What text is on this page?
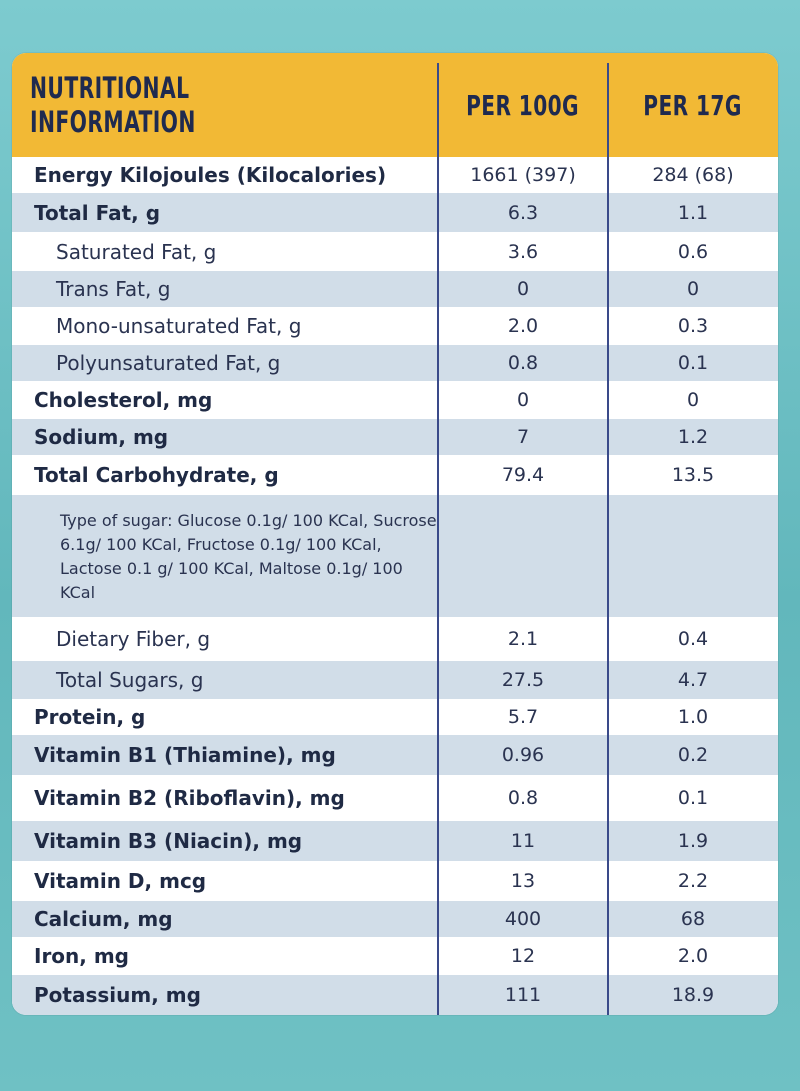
NUTRITIONAL INFORMATION	PER 100G PER 17G
Energy Kilojoules (Kilocalories)	1661 (397)	284 (68)
Total Fat, g	6.3	1.1
Saturated Fat, g	3.6	0.6
Trans Fat, g	0	0
Mono-unsaturated Fat, g	2.0	0.3
Polyunsaturated Fat, g	0.8	0.1
Cholesterol, mg	0	0
Sodium, mg	7	1.2
Total Carbohydrate, g	79.4	13.5
Type of sugar: Glucose 0.1g/ 100 KCal, Sucrose 6.1g/ 100 KCal, Fructose 0.1g/ 100 KCal, Lactose 0.1 g/ 100 KCal, Maltose 0.1g/ 100 KCal
Dietary Fiber, g	2.1	0.4
Total Sugars, g	27.5	4.7
Protein, g	5.7	1.0
Vitamin B1 (Thiamine), mg	0.96	0.2
Vitamin B2 (Riboflavin), mg	0.8	0.1
Vitamin B3 (Niacin), mg	11	1.9
Vitamin D, mcg	13	2.2
Calcium, mg	400	68
Iron, mg	12	2.0
Potassium, mg	111	18.9
